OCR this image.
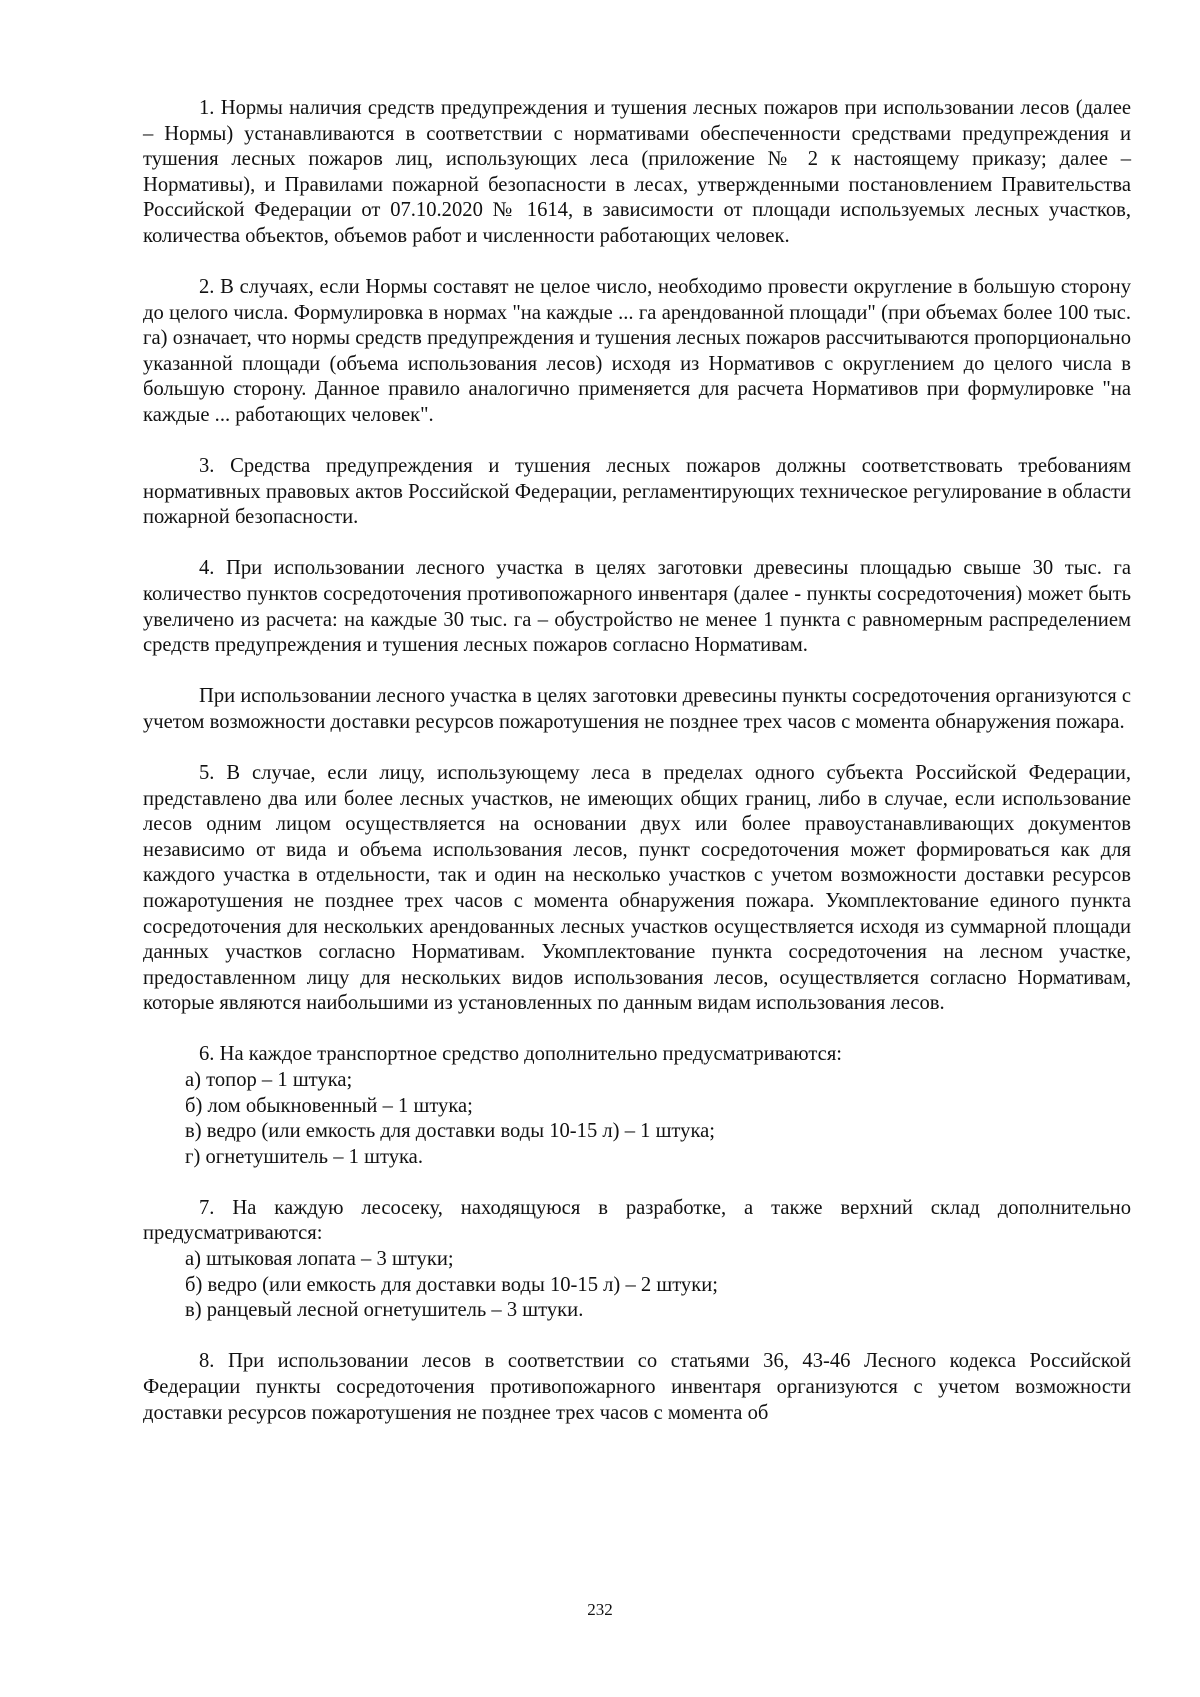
1. Нормы наличия средств предупреждения и тушения лесных пожаров при использовании лесов (далее – Нормы) устанавливаются в соответствии с нормативами обеспеченности средствами предупреждения и тушения лесных пожаров лиц, использующих леса (приложение № 2 к настоящему приказу; далее – Нормативы), и Правилами пожарной безопасности в лесах, утвержденными постановлением Правительства Российской Федерации от 07.10.2020 № 1614, в зависимости от площади используемых лесных участков, количества объектов, объемов работ и численности работающих человек.

2. В случаях, если Нормы составят не целое число, необходимо провести округление в большую сторону до целого числа. Формулировка в нормах "на каждые ... га арендованной площади" (при объемах более 100 тыс. га) означает, что нормы средств предупреждения и тушения лесных пожаров рассчитываются пропорционально указанной площади (объема использования лесов) исходя из Нормативов с округлением до целого числа в большую сторону. Данное правило аналогично применяется для расчета Нормативов при формулировке "на каждые ... работающих человек".

3. Средства предупреждения и тушения лесных пожаров должны соответствовать требованиям нормативных правовых актов Российской Федерации, регламентирующих техническое регулирование в области пожарной безопасности.

4. При использовании лесного участка в целях заготовки древесины площадью свыше 30 тыс. га количество пунктов сосредоточения противопожарного инвентаря (далее - пункты сосредоточения) может быть увеличено из расчета: на каждые 30 тыс. га – обустройство не менее 1 пункта с равномерным распределением средств предупреждения и тушения лесных пожаров согласно Нормативам.

При использовании лесного участка в целях заготовки древесины пункты сосредоточения организуются с учетом возможности доставки ресурсов пожаротушения не позднее трех часов с момента обнаружения пожара.

5. В случае, если лицу, использующему леса в пределах одного субъекта Российской Федерации, представлено два или более лесных участков, не имеющих общих границ, либо в случае, если использование лесов одним лицом осуществляется на основании двух или более правоустанавливающих документов независимо от вида и объема использования лесов, пункт сосредоточения может формироваться как для каждого участка в отдельности, так и один на несколько участков с учетом возможности доставки ресурсов пожаротушения не позднее трех часов с момента обнаружения пожара. Укомплектование единого пункта сосредоточения для нескольких арендованных лесных участков осуществляется исходя из суммарной площади данных участков согласно Нормативам. Укомплектование пункта сосредоточения на лесном участке, предоставленном лицу для нескольких видов использования лесов, осуществляется согласно Нормативам, которые являются наибольшими из установленных по данным видам использования лесов.

6. На каждое транспортное средство дополнительно предусматриваются:

а) топор – 1 штука;

б) лом обыкновенный – 1 штука;

в) ведро (или емкость для доставки воды 10-15 л) – 1 штука;

г) огнетушитель – 1 штука.

7. На каждую лесосеку, находящуюся в разработке, а также верхний склад дополнительно предусматриваются:

а) штыковая лопата – 3 штуки;

б) ведро (или емкость для доставки воды 10-15 л) – 2 штуки;

в) ранцевый лесной огнетушитель – 3 штуки.

8. При использовании лесов в соответствии со статьями 36, 43-46 Лесного кодекса Российской Федерации пункты сосредоточения противопожарного инвентаря организуются с учетом возможности доставки ресурсов пожаротушения не позднее трех часов с момента об

232
